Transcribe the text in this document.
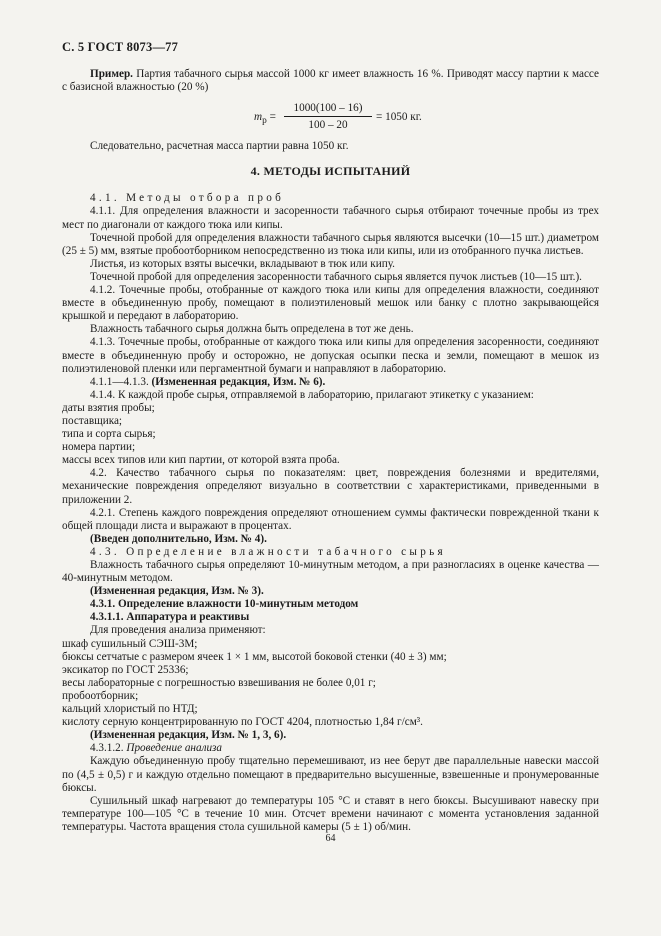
С. 5 ГОСТ 8073—77

Пример. Партия табачного сырья массой 1000 кг имеет влажность 16 %. Приводят массу партии к массе с базисной влажностью (20 %)

$m_р = \frac{1000(100 - 16)}{100 - 20} = 1050$ кг.

Следовательно, расчетная масса партии равна 1050 кг.

4. МЕТОДЫ ИСПЫТАНИЙ

4.1. Методы отбора проб

4.1.1. Для определения влажности и засоренности табачного сырья отбирают точечные пробы из трех мест по диагонали от каждого тюка или кипы.

Точечной пробой для определения влажности табачного сырья являются высечки (10—15 шт.) диаметром (25 ± 5) мм, взятые пробоотборником непосредственно из тюка или кипы, или из отобранного пучка листьев.

Листья, из которых взяты высечки, вкладывают в тюк или кипу.

Точечной пробой для определения засоренности табачного сырья является пучок листьев (10—15 шт.).

4.1.2. Точечные пробы, отобранные от каждого тюка или кипы для определения влажности, соединяют вместе в объединенную пробу, помещают в полиэтиленовый мешок или банку с плотно закрывающейся крышкой и передают в лабораторию.

Влажность табачного сырья должна быть определена в тот же день.

4.1.3. Точечные пробы, отобранные от каждого тюка или кипы для определения засоренности, соединяют вместе в объединенную пробу и осторожно, не допуская осыпки песка и земли, помещают в мешок из полиэтиленовой пленки или пергаментной бумаги и направляют в лабораторию.

4.1.1—4.1.3. (Измененная редакция, Изм. № 6).

4.1.4. К каждой пробе сырья, отправляемой в лабораторию, прилагают этикетку с указанием:

даты взятия пробы;

поставщика;

типа и сорта сырья;

номера партии;

массы всех типов или кип партии, от которой взята проба.

4.2. Качество табачного сырья по показателям: цвет, повреждения болезнями и вредителями, механические повреждения определяют визуально в соответствии с характеристиками, приведенными в приложении 2.

4.2.1. Степень каждого повреждения определяют отношением суммы фактически поврежденной ткани к общей площади листа и выражают в процентах.

(Введен дополнительно, Изм. № 4).

4.3. Определение влажности табачного сырья

Влажность табачного сырья определяют 10-минутным методом, а при разногласиях в оценке качества — 40-минутным методом.

(Измененная редакция, Изм. № 3).

4.3.1. Определение влажности 10-минутным методом

4.3.1.1. Аппаратура и реактивы

Для проведения анализа применяют:

шкаф сушильный СЭШ-3М;

бюксы сетчатые с размером ячеек 1 × 1 мм, высотой боковой стенки (40 ± 3) мм;

эксикатор по ГОСТ 25336;

весы лабораторные с погрешностью взвешивания не более 0,01 г;

пробоотборник;

кальций хлористый по НТД;

кислоту серную концентрированную по ГОСТ 4204, плотностью 1,84 г/см³.

(Измененная редакция, Изм. № 1, 3, 6).

4.3.1.2. Проведение анализа

Каждую объединенную пробу тщательно перемешивают, из нее берут две параллельные навески массой по (4,5 ± 0,5) г и каждую отдельно помещают в предварительно высушенные, взвешенные и пронумерованные бюксы.

Сушильный шкаф нагревают до температуры 105 °С и ставят в него бюксы. Высушивают навеску при температуре 100—105 °С в течение 10 мин. Отсчет времени начинают с момента установления заданной температуры. Частота вращения стола сушильной камеры (5 ± 1) об/мин.

64
